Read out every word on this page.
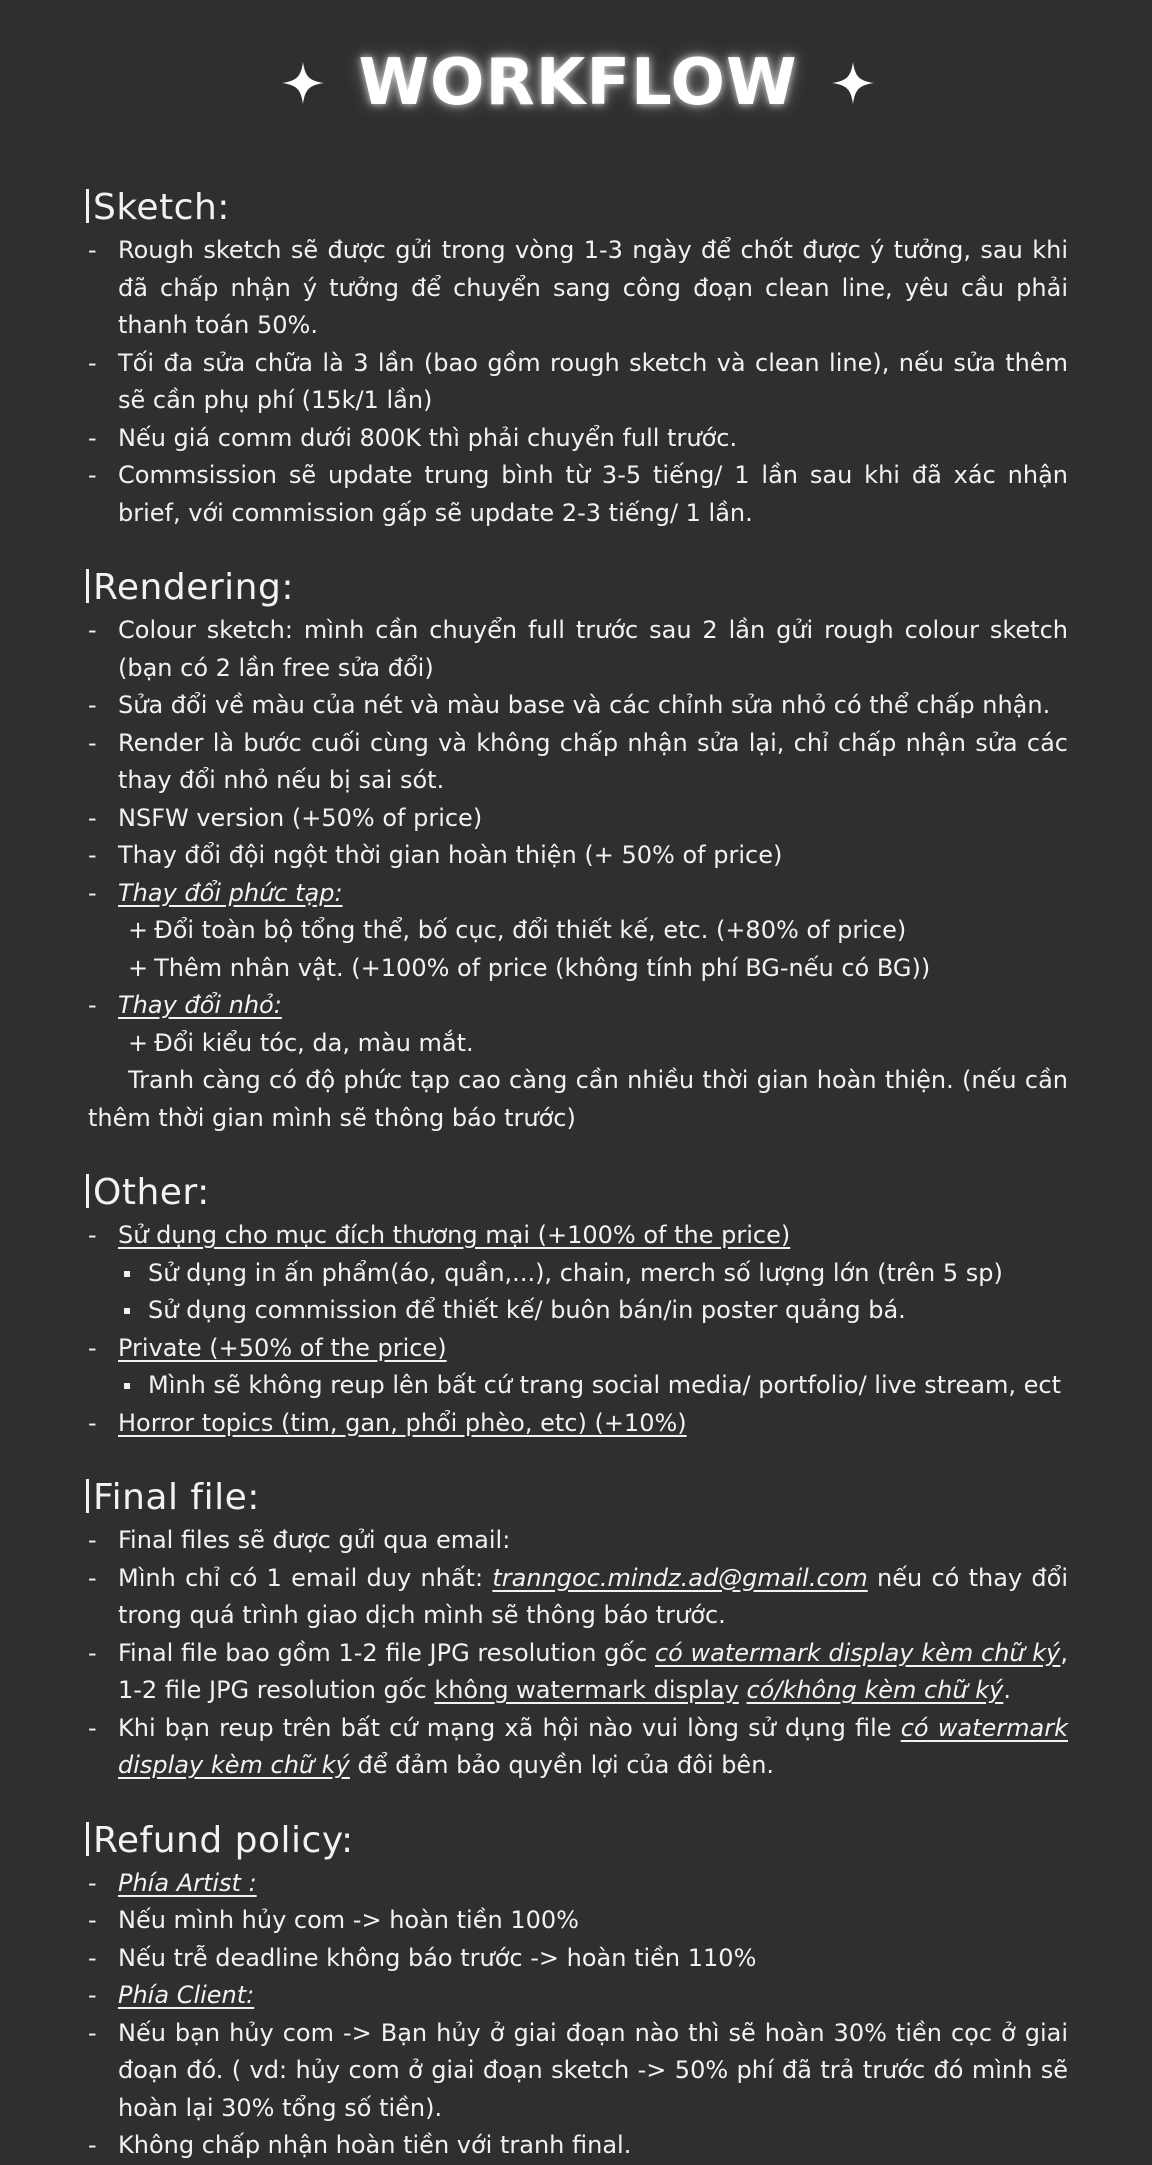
WORKFLOW
Sketch:
- Rough sketch sẽ được gửi trong vòng 1-3 ngày để chốt được ý tưởng, sau khi đã chấp nhận ý tưởng để chuyển sang công đoạn clean line, yêu cầu phải thanh toán 50%.
- Tối đa sửa chữa là 3 lần (bao gồm rough sketch và clean line), nếu sửa thêm sẽ cần phụ phí (15k/1 lần)
- Nếu giá comm dưới 800K thì phải chuyển full trước.
- Commsission sẽ update trung bình từ 3-5 tiếng/ 1 lần sau khi đã xác nhận brief, với commission gấp sẽ update 2-3 tiếng/ 1 lần.
Rendering:
- Colour sketch: mình cần chuyển full trước sau 2 lần gửi rough colour sketch (bạn có 2 lần free sửa đổi)
- Sửa đổi về màu của nét và màu base và các chỉnh sửa nhỏ có thể chấp nhận.
- Render là bước cuối cùng và không chấp nhận sửa lại, chỉ chấp nhận sửa các thay đổi nhỏ nếu bị sai sót.
- NSFW version (+50% of price)
- Thay đổi đội ngột thời gian hoàn thiện (+ 50% of price)
- Thay đổi phức tạp:
+ Đổi toàn bộ tổng thể, bố cục, đổi thiết kế, etc. (+80% of price)
+ Thêm nhân vật. (+100% of price (không tính phí BG-nếu có BG))
- Thay đổi nhỏ:
+ Đổi kiểu tóc, da, màu mắt.
Tranh càng có độ phức tạp cao càng cần nhiều thời gian hoàn thiện. (nếu cần thêm thời gian mình sẽ thông báo trước)
Other:
- Sử dụng cho mục đích thương mại (+100% of the price)
Sử dụng in ấn phẩm(áo, quần,...), chain, merch số lượng lớn (trên 5 sp)
Sử dụng commission để thiết kế/ buôn bán/in poster quảng bá.
- Private (+50% of the price)
Mình sẽ không reup lên bất cứ trang social media/ portfolio/ live stream, ect
- Horror topics (tim, gan, phổi phèo, etc) (+10%)
Final file:
- Final files sẽ được gửi qua email:
- Mình chỉ có 1 email duy nhất: tranngoc.mindz.ad@gmail.com nếu có thay đổi trong quá trình giao dịch mình sẽ thông báo trước.
- Final file bao gồm 1-2 file JPG resolution gốc có watermark display kèm chữ ký, 1-2 file JPG resolution gốc không watermark display có/không kèm chữ ký.
- Khi bạn reup trên bất cứ mạng xã hội nào vui lòng sử dụng file có watermark display kèm chữ ký để đảm bảo quyền lợi của đôi bên.
Refund policy:
- Phía Artist :
- Nếu mình hủy com -> hoàn tiền 100%
- Nếu trễ deadline không báo trước -> hoàn tiền 110%
- Phía Client:
- Nếu bạn hủy com -> Bạn hủy ở giai đoạn nào thì sẽ hoàn 30% tiền cọc ở giai đoạn đó. ( vd: hủy com ở giai đoạn sketch -> 50% phí đã trả trước đó mình sẽ hoàn lại 30% tổng số tiền).
- Không chấp nhận hoàn tiền với tranh final.
